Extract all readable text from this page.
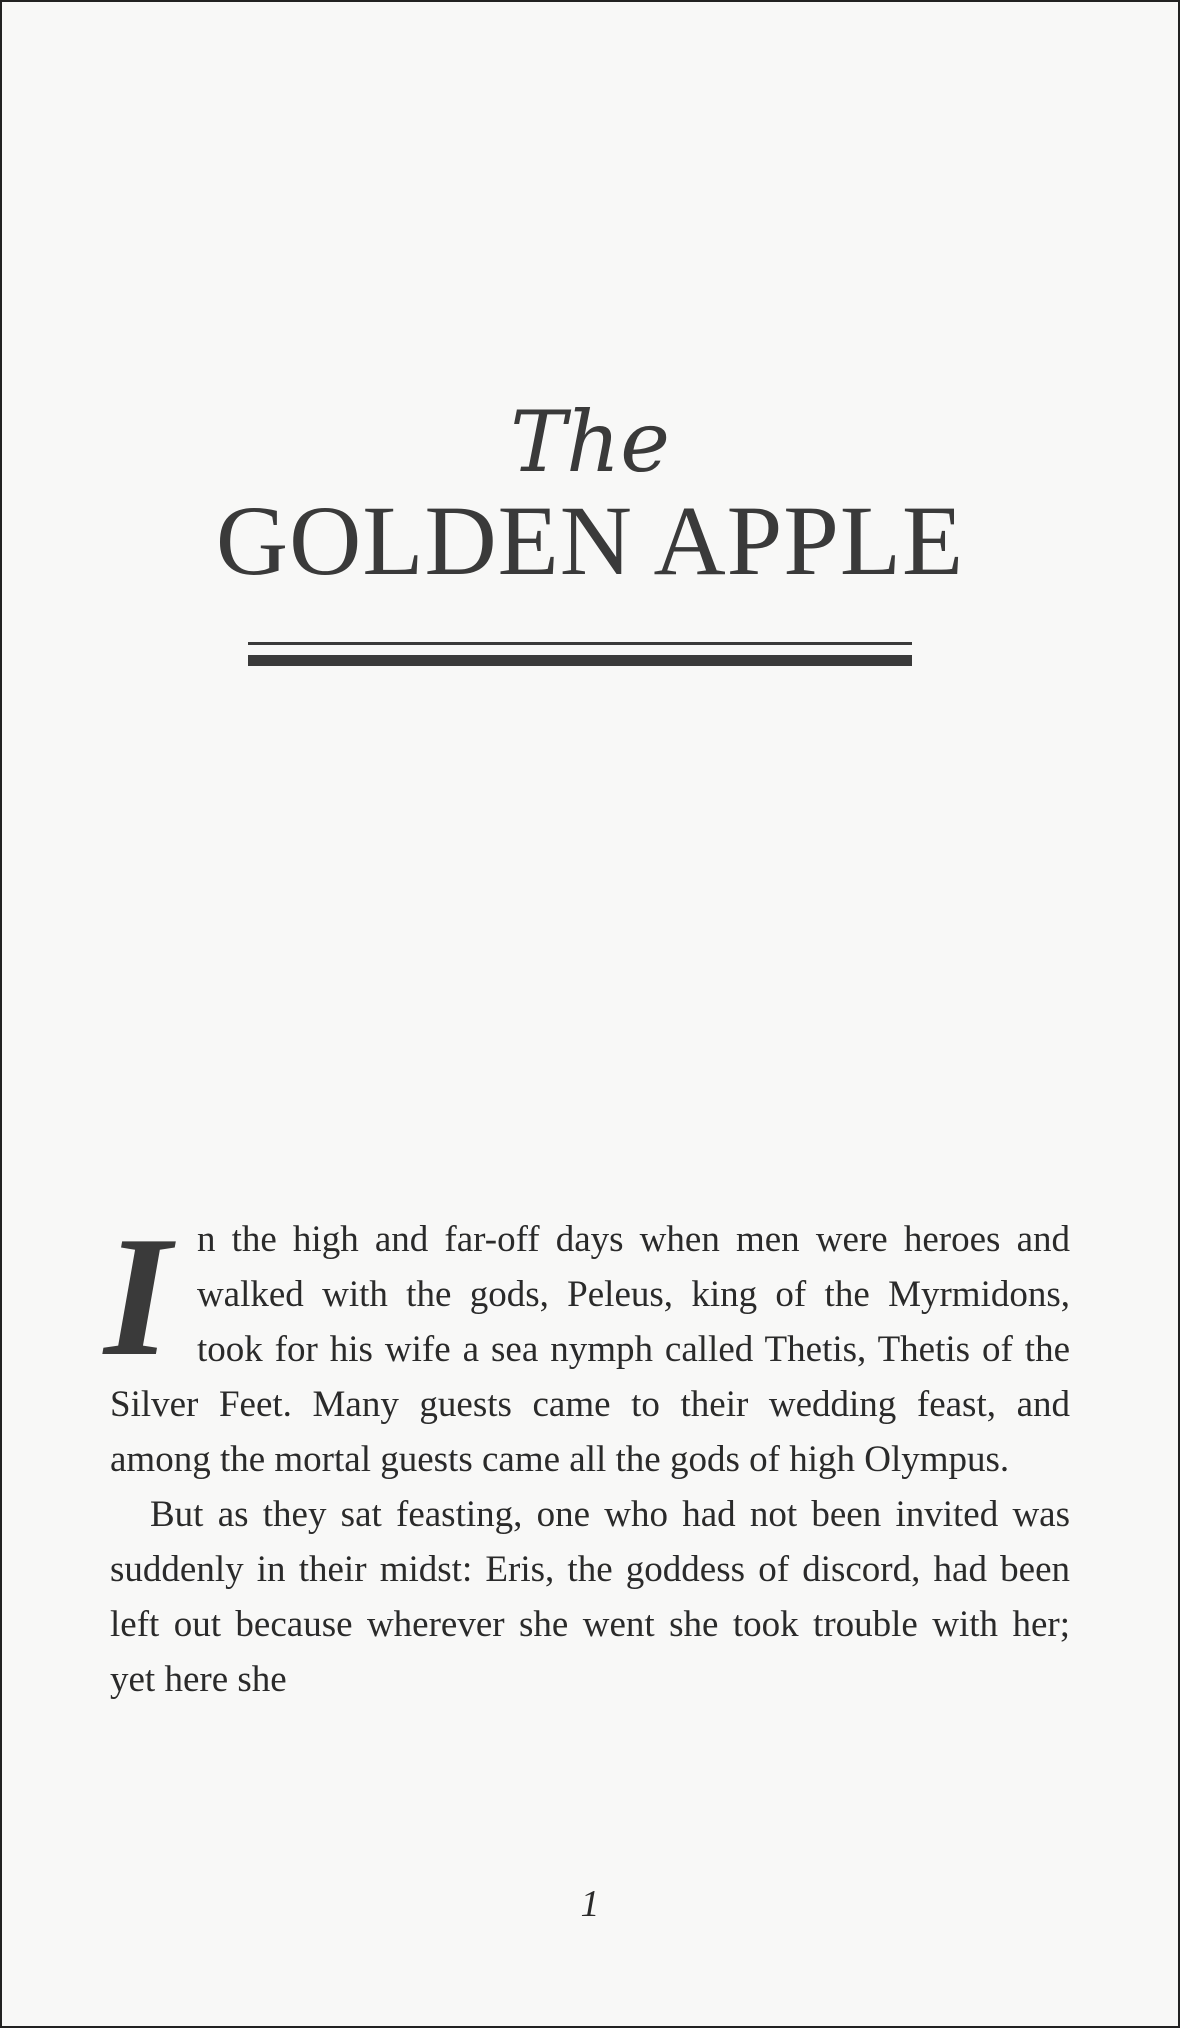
The
GOLDEN APPLE

In the high and far-off days when men were heroes and walked with the gods, Peleus, king of the Myrmidons, took for his wife a sea nymph called Thetis, Thetis of the Silver Feet. Many guests came to their wedding feast, and among the mortal guests came all the gods of high Olympus.

But as they sat feasting, one who had not been invited was suddenly in their midst: Eris, the goddess of discord, had been left out because wherever she went she took trouble with her; yet here she

1
